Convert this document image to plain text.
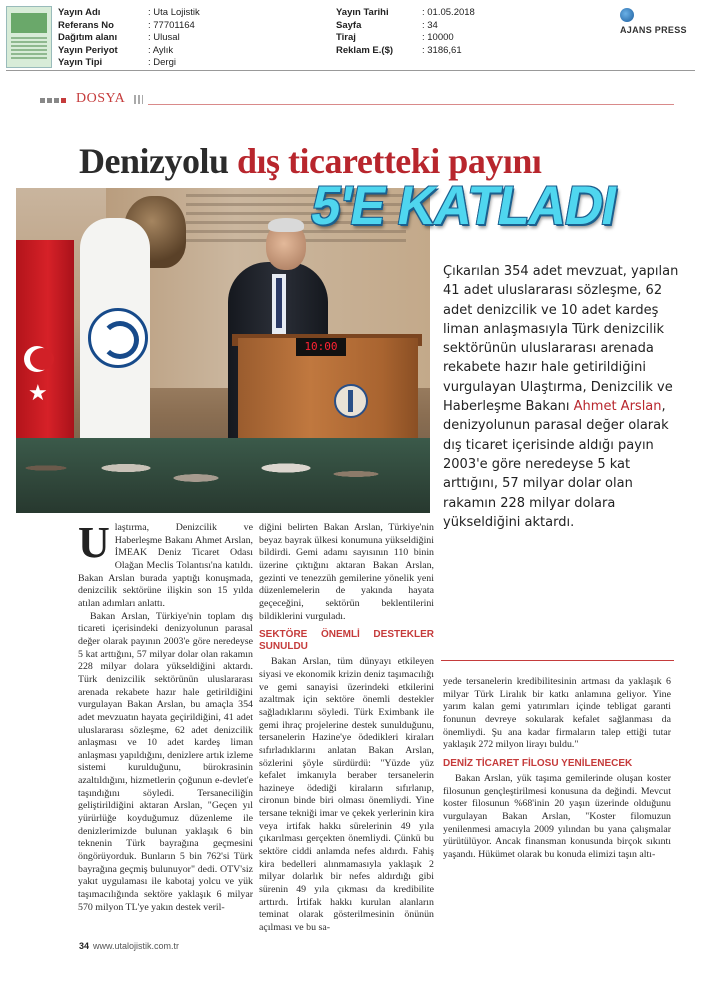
Yayın Adı
Referans No
Dağıtım alanı
Yayın Periyot
Yayın Tipi
: Uta Lojistik
: 77701164
: Ulusal
: Aylık
: Dergi
Yayın Tarihi
Sayfa
Tiraj
Reklam E.($)
: 01.05.2018
: 34
: 10000
: 3186,61
AJANS PRESS
DOSYA
Denizyolu dış ticaretteki payını
★
10:00
5'E KATLADI
Çıkarılan 354 adet mevzuat, yapılan 41 adet uluslararası sözleşme, 62 adet denizcilik ve 10 adet kardeş liman anlaşmasıyla Türk denizcilik sektörünün uluslararası arenada rekabete hazır hale getirildiğini vurgulayan Ulaştırma, Denizcilik ve Haberleşme Bakanı Ahmet Arslan, denizyolunun parasal değer olarak dış ticaret içerisinde aldığı payın 2003'e göre neredeyse 5 kat arttığını, 57 milyar dolar olan rakamın 228 milyar dolara yükseldiğini aktardı.

Ulaştırma, Denizcilik ve Haberleşme Bakanı Ahmet Arslan, İMEAK Deniz Ticaret Odası Olağan Meclis Tolantısı'na katıldı. Bakan Arslan burada yaptığı konuşmada, denizcilik sektörüne ilişkin son 15 yılda atılan adımları anlattı.

Bakan Arslan, Türkiye'nin toplam dış ticareti içerisindeki denizyolunun parasal değer olarak payının 2003'e göre neredeyse 5 kat arttığını, 57 milyar dolar olan rakamın 228 milyar dolara yükseldiğini aktardı. Türk denizcilik sektörünün uluslararası arenada rekabete hazır hale getirildiğini vurgulayan Bakan Arslan, bu amaçla 354 adet mevzuatın hayata geçirildiğini, 41 adet uluslararası sözleşme, 62 adet denizcilik anlaşması ve 10 adet kardeş liman anlaşması yapıldığını, denizlere artık izleme sistemi kurulduğunu, bürokrasinin azaltıldığını, hizmetlerin çoğunun e-devlet'e taşındığını söyledi. Tersaneciliğin geliştirildiğini aktaran Arslan, "Geçen yıl yürürlüğe koyduğumuz düzenleme ile denizlerimizde bulunan yaklaşık 6 bin teknenin Türk bayrağına geçmesini öngörüyorduk. Bunların 5 bin 762'si Türk bayrağına geçmiş bulunuyor" dedi. OTV'siz yakıt uygulaması ile kabotaj yolcu ve yük taşımacılığında sektöre yaklaşık 6 milyar 570 milyon TL'ye yakın destek veril-

diğini belirten Bakan Arslan, Türkiye'nin beyaz bayrak ülkesi konumuna yükseldiğini bildirdi. Gemi adamı sayısının 110 binin üzerine çıktığını aktaran Bakan Arslan, gezinti ve tenezzüh gemilerine yönelik yeni düzenlemelerin de yakında hayata geçeceğini, sektörün beklentilerini bildiklerini vurguladı.

SEKTÖRE ÖNEMLİ DESTEKLER SUNULDU

Bakan Arslan, tüm dünyayı etkileyen siyasi ve ekonomik krizin deniz taşımacılığı ve gemi sanayisi üzerindeki etkilerini azaltmak için sektöre önemli destekler sağladıklarını söyledi. Türk Eximbank ile gemi ihraç projelerine destek sunulduğunu, tersanelerin Hazine'ye ödedikleri kiraları sıfırladıklarını anlatan Bakan Arslan, sözlerini şöyle sürdürdü: "Yüzde yüz kefalet imkanıyla beraber tersanelerin hazineye ödediği kiraların sıfırlanıp, cironun binde biri olması önemliydi. Yine tersane tekniği imar ve çekek yerlerinin kira veya irtifak hakkı sürelerinin 49 yıla çıkarılması gerçekten önemliydi. Çünkü bu sektöre ciddi anlamda nefes aldırdı. Fahiş kira bedelleri alınmamasıyla yaklaşık 2 milyar dolarlık bir nefes aldırdığı gibi sürenin 49 yıla çıkması da kredibilite arttırdı. İrtifak hakkı kurulan alanların teminat olarak gösterilmesinin önünün açılması ve bu sa-

yede tersanelerin kredibilitesinin artması da yaklaşık 6 milyar Türk Liralık bir katkı anlamına geliyor. Yine yarım kalan gemi yatırımları içinde tebligat garanti fonunun devreye sokularak kefalet sağlanması da önemliydi. Şu ana kadar firmaların talep ettiği tutar yaklaşık 272 milyon lirayı buldu."

DENİZ TİCARET FİLOSU YENİLENECEK

Bakan Arslan, yük taşıma gemilerinde oluşan koster filosunun gençleştirilmesi konusuna da değindi. Mevcut koster filosunun %68'inin 20 yaşın üzerinde olduğunu vurgulayan Bakan Arslan, "Koster filomuzun yenilenmesi amacıyla 2009 yılından bu yana çalışmalar yürütülüyor. Ancak finansman konusunda birçok sıkıntı yaşandı. Hükümet olarak bu konuda elimizi taşın altı-

34 www.utalojistik.com.tr
